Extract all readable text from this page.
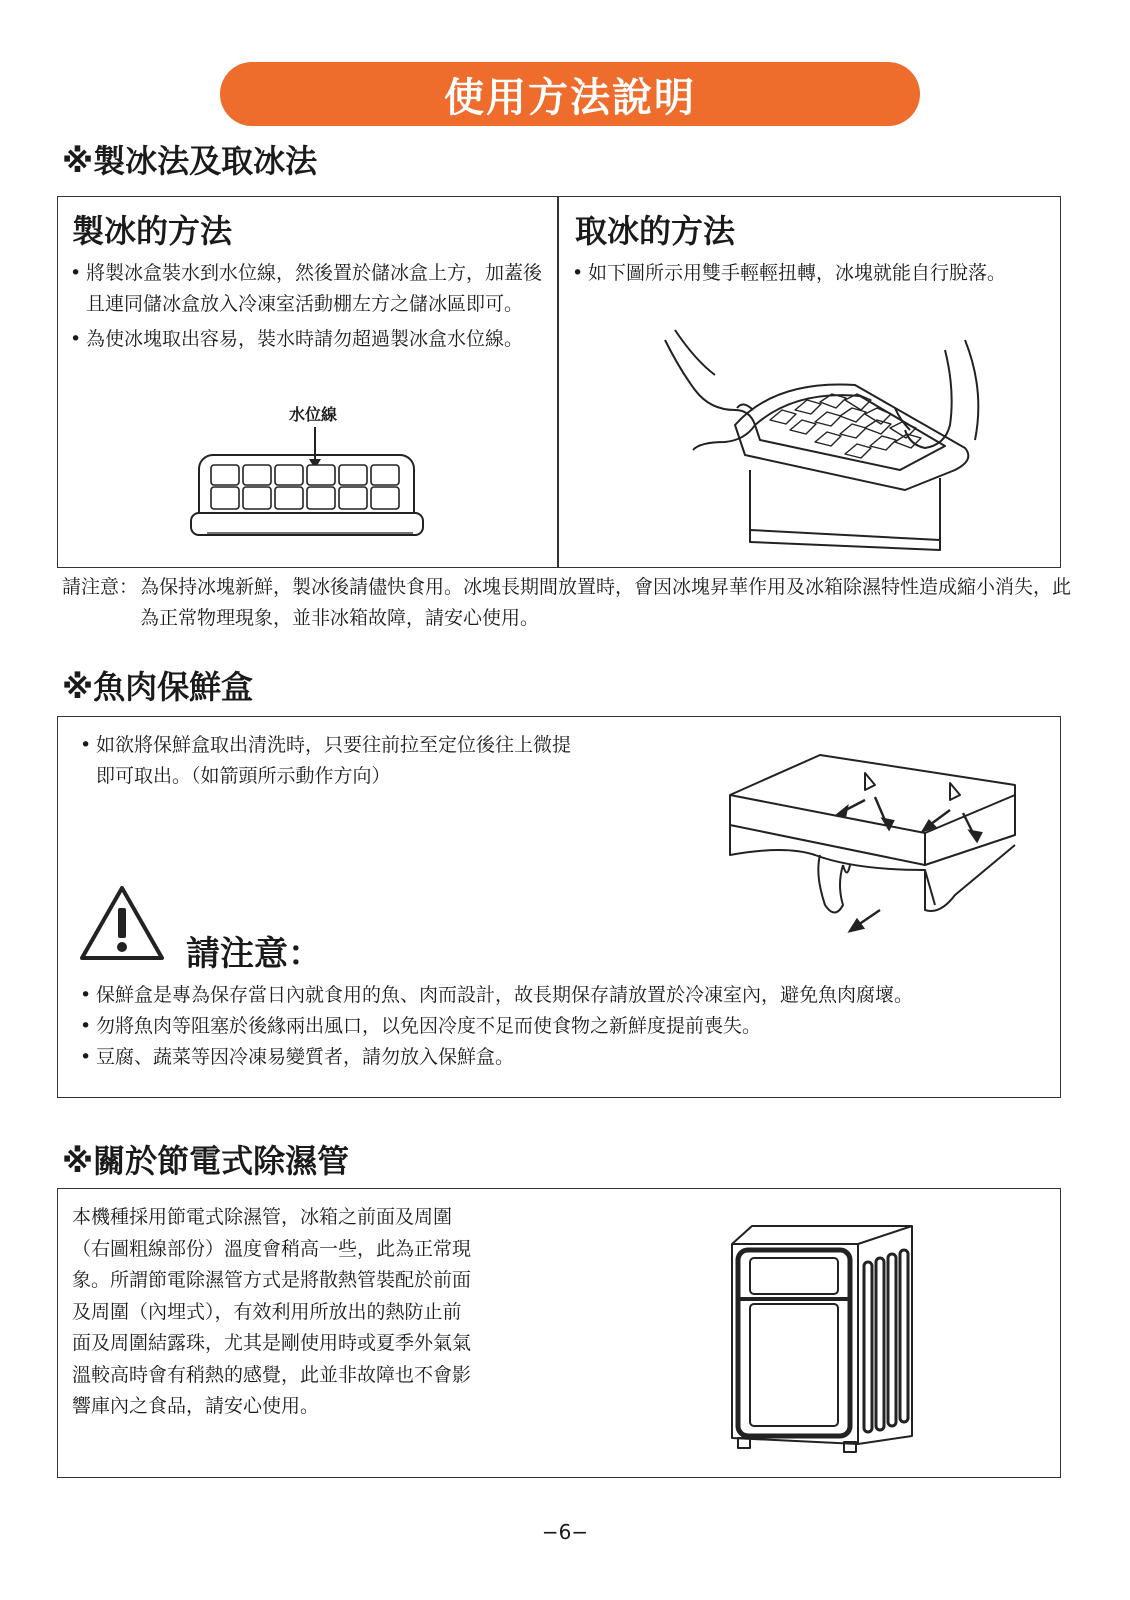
使用方法說明
※製冰法及取冰法
製冰的方法
• 將製冰盒裝水到水位線，然後置於儲冰盒上方，加蓋後且連同儲冰盒放入冷凍室活動棚左方之儲冰區即可。
• 為使冰塊取出容易，裝水時請勿超過製冰盒水位線。
水位線
取冰的方法
• 如下圖所示用雙手輕輕扭轉，冰塊就能自行脫落。
請注意： 為保持冰塊新鮮，製冰後請儘快食用。冰塊長期間放置時，會因冰塊昇華作用及冰箱除濕特性造成縮小消失，此為正常物理現象，並非冰箱故障，請安心使用。
※魚肉保鮮盒
• 如欲將保鮮盒取出清洗時，只要往前拉至定位後往上微提即可取出。（如箭頭所示動作方向）
請注意：
• 保鮮盒是專為保存當日內就食用的魚、肉而設計，故長期保存請放置於冷凍室內，避免魚肉腐壞。
• 勿將魚肉等阻塞於後緣兩出風口，以免因冷度不足而使食物之新鮮度提前喪失。
• 豆腐、蔬菜等因冷凍易變質者，請勿放入保鮮盒。
※關於節電式除濕管
本機種採用節電式除濕管，冰箱之前面及周圍（右圖粗線部份）溫度會稍高一些，此為正常現象。所謂節電除濕管方式是將散熱管裝配於前面及周圍（內埋式），有效利用所放出的熱防止前面及周圍結露珠，尤其是剛使用時或夏季外氣氣溫較高時會有稍熱的感覺，此並非故障也不會影響庫內之食品，請安心使用。
−6−
